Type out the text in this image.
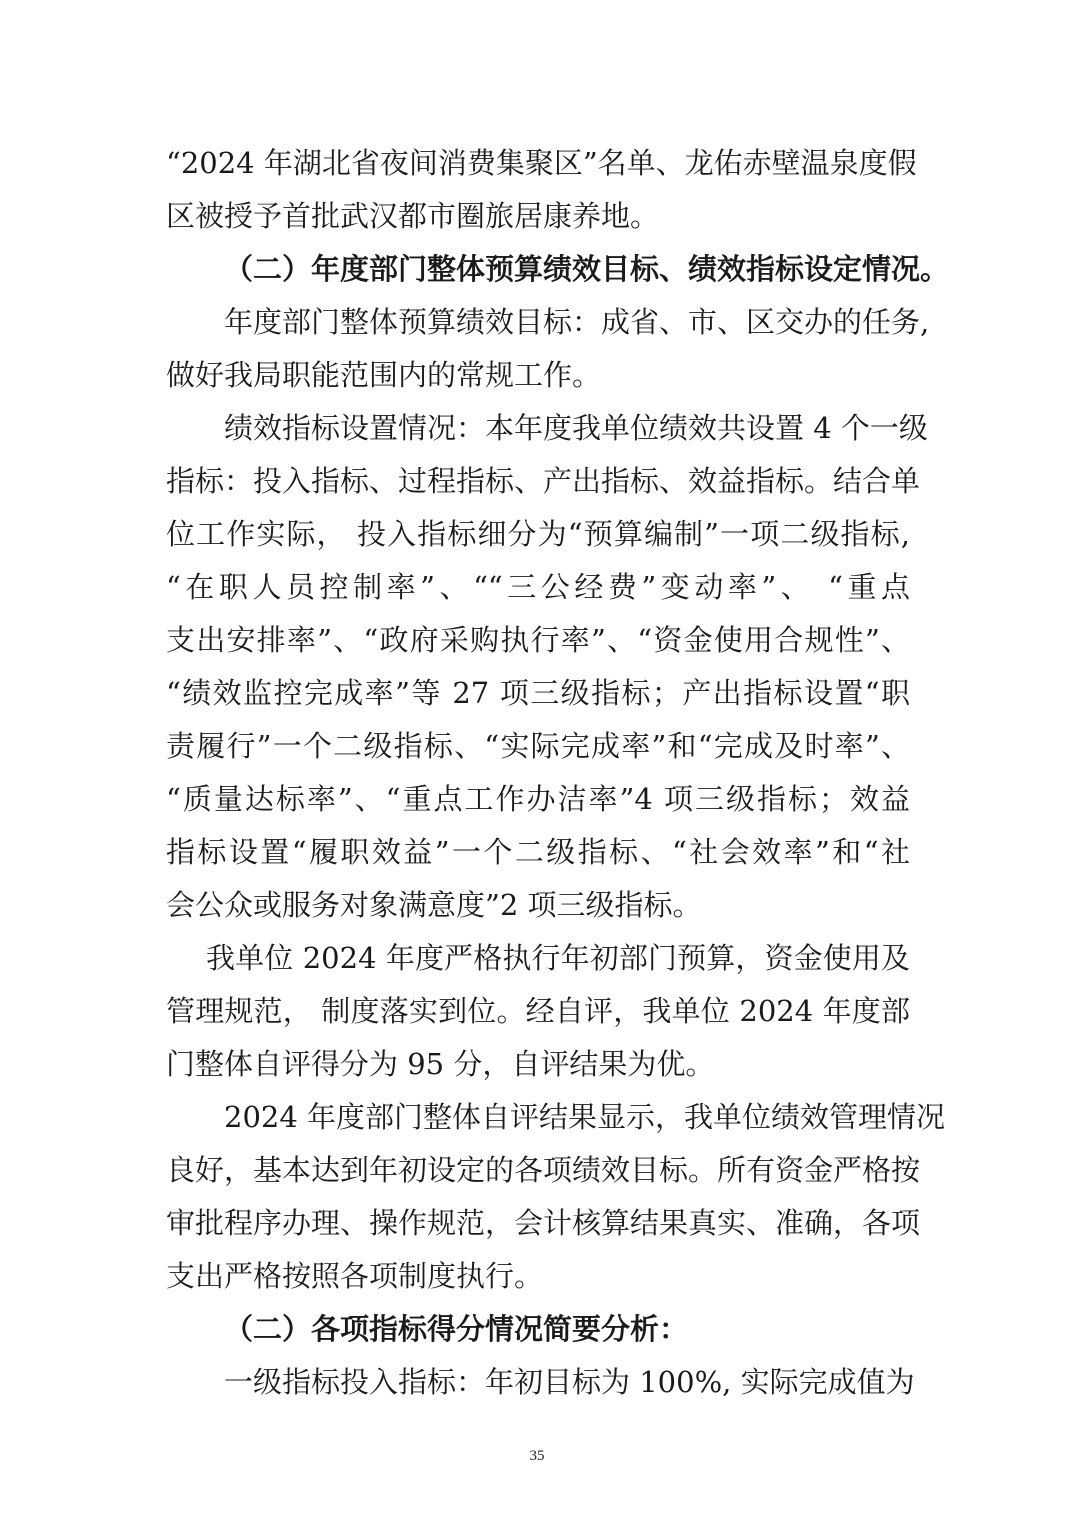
“2024 年湖北省夜间消费集聚区”名单、龙佑赤壁温泉度假
区被授予首批武汉都市圈旅居康养地。
（二）年度部门整体预算绩效目标、绩效指标设定情况。
年度部门整体预算绩效目标：成省、市、区交办的任务,
做好我局职能范围内的常规工作。
绩效指标设置情况：本年度我单位绩效共设置 4 个一级
指标：投入指标、过程指标、产出指标、效益指标。结合单
位工作实际， 投入指标细分为“预算编制”一项二级指标,
“在职人员控制率”、““三公经费”变动率”、 “重点
支出安排率”、“政府采购执行率”、“资金使用合规性”、
“绩效监控完成率”等 27 项三级指标；产出指标设置“职
责履行”一个二级指标、“实际完成率”和“完成及时率”、
“质量达标率”、“重点工作办洁率”4 项三级指标；效益
指标设置“履职效益”一个二级指标、“社会效率”和“社
会公众或服务对象满意度”2 项三级指标。
我单位 2024 年度严格执行年初部门预算，资金使用及
管理规范， 制度落实到位。经自评，我单位 2024 年度部
门整体自评得分为 95 分，自评结果为优。
2024 年度部门整体自评结果显示，我单位绩效管理情况
良好，基本达到年初设定的各项绩效目标。所有资金严格按
审批程序办理、操作规范，会计核算结果真实、准确，各项
支出严格按照各项制度执行。
（二）各项指标得分情况简要分析：
一级指标投入指标：年初目标为 100%, 实际完成值为
35
